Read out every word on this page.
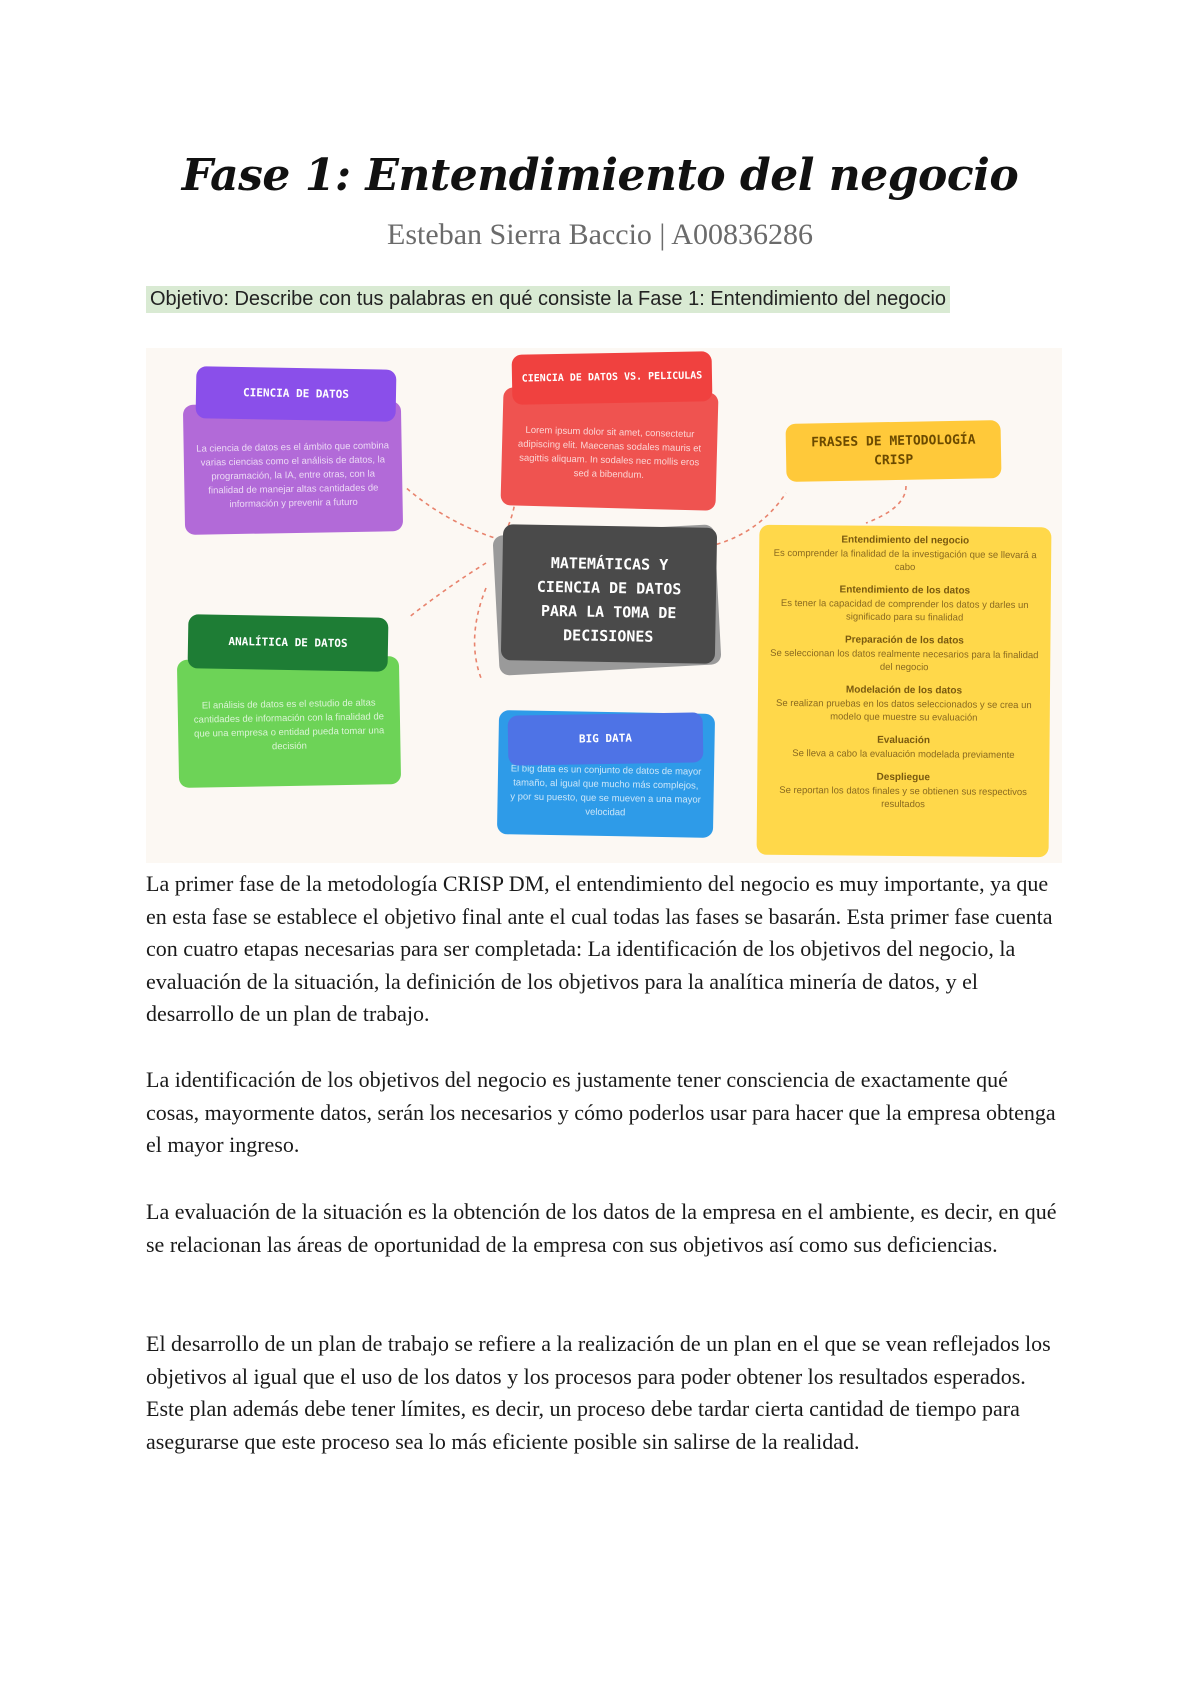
Fase 1: Entendimiento del negocio
Esteban Sierra Baccio | A00836286
Objetivo: Describe con tus palabras en qué consiste la Fase 1: Entendimiento del negocio
La ciencia de datos es el ámbito que combina varias ciencias como el análisis de datos, la programación, la IA, entre otras, con la finalidad de manejar altas cantidades de información y prevenir a futuro
CIENCIA DE DATOS
Lorem ipsum dolor sit amet, consectetur adipiscing elit. Maecenas sodales mauris et sagittis aliquam. In sodales nec mollis eros sed a bibendum.
CIENCIA DE DATOS VS. PELICULAS
MATEMÁTICAS Y CIENCIA DE DATOS PARA LA TOMA DE DECISIONES
El análisis de datos es el estudio de altas cantidades de información con la finalidad de que una empresa o entidad pueda tomar una decisión
ANALÍTICA DE DATOS
El big data es un conjunto de datos de mayor tamaño, al igual que mucho más complejos, y por su puesto, que se mueven a una mayor velocidad
BIG DATA
FRASES DE METODOLOGÍA CRISP
Entendimiento del negocio
Es comprender la finalidad de la investigación que se llevará a cabo
Entendimiento de los datos
Es tener la capacidad de comprender los datos y darles un significado para su finalidad
Preparación de los datos
Se seleccionan los datos realmente necesarios para la finalidad del negocio
Modelación de los datos
Se realizan pruebas en los datos seleccionados y se crea un modelo que muestre su evaluación
Evaluación
Se lleva a cabo la evaluación modelada previamente
Despliegue
Se reportan los datos finales y se obtienen sus respectivos resultados

La primer fase de la metodología CRISP DM, el entendimiento del negocio es muy importante, ya que en esta fase se establece el objetivo final ante el cual todas las fases se basarán. Esta primer fase cuenta con cuatro etapas necesarias para ser completada: La identificación de los objetivos del negocio, la evaluación de la situación, la definición de los objetivos para la analítica minería de datos, y el desarrollo de un plan de trabajo.

La identificación de los objetivos del negocio es justamente tener consciencia de exactamente qué cosas, mayormente datos, serán los necesarios y cómo poderlos usar para hacer que la empresa obtenga el mayor ingreso.

La evaluación de la situación es la obtención de los datos de la empresa en el ambiente, es decir, en qué se relacionan las áreas de oportunidad de la empresa con sus objetivos así como sus deficiencias.

El desarrollo de un plan de trabajo se refiere a la realización de un plan en el que se vean reflejados los objetivos al igual que el uso de los datos y los procesos para poder obtener los resultados esperados. Este plan además debe tener límites, es decir, un proceso debe tardar cierta cantidad de tiempo para asegurarse que este proceso sea lo más eficiente posible sin salirse de la realidad.
